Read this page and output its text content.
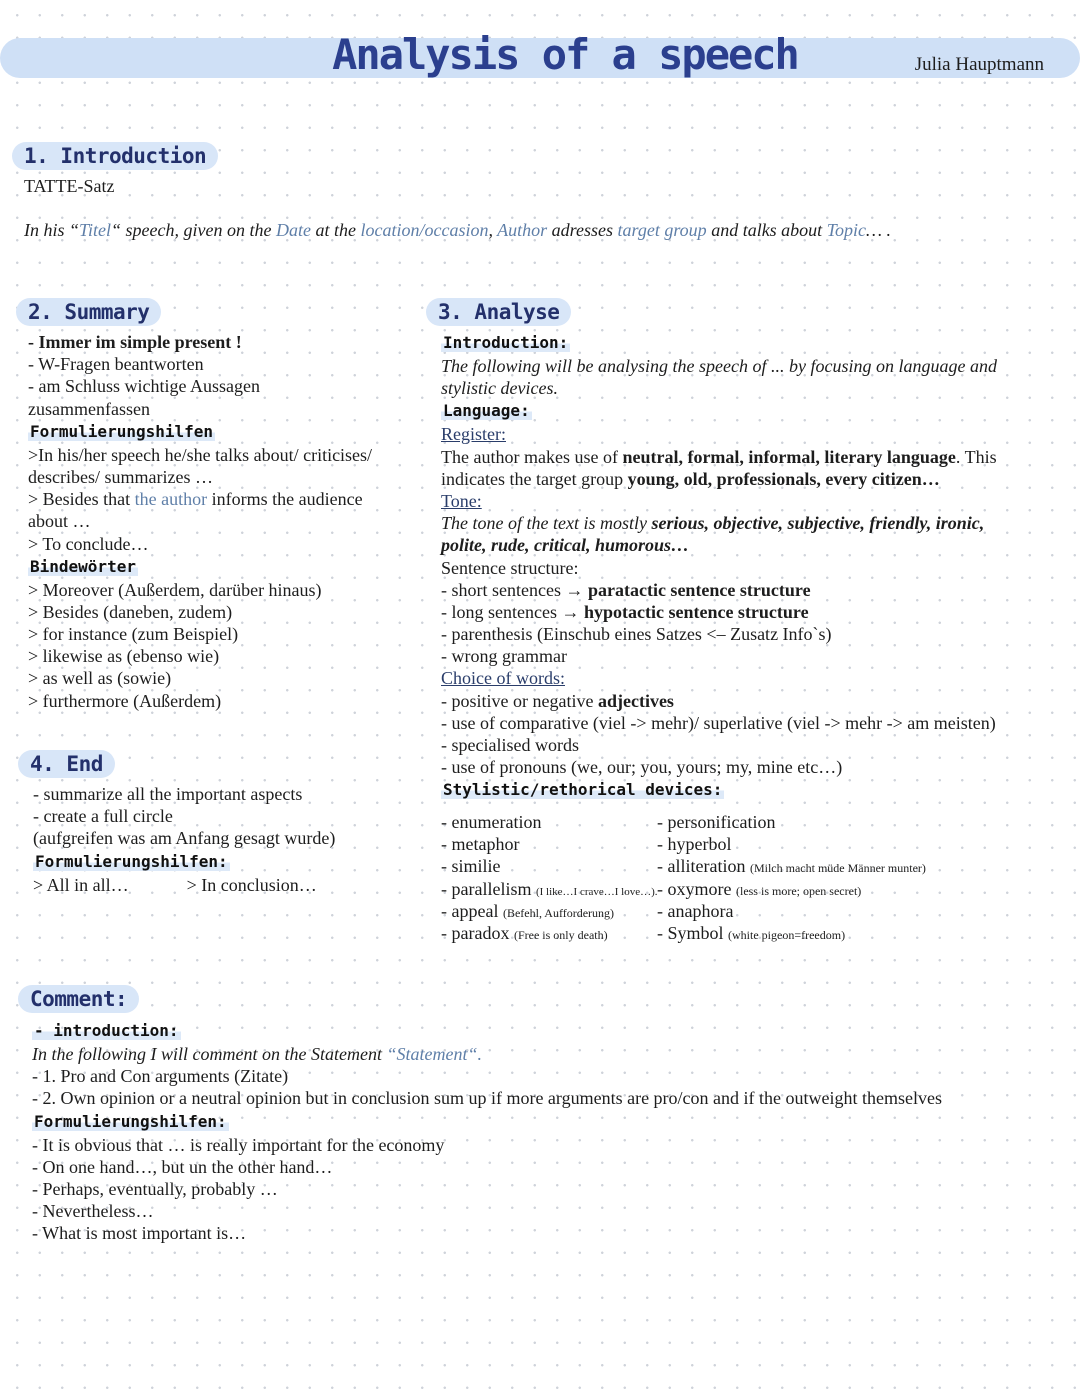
Analysis of a speech	Julia Hauptmann
1. Introduction
TATTE-Satz
In his “Titel“ speech, given on the Date at the location/occasion, Author adresses target group and talks about Topic… .
2. Summary
- Immer im simple present !
- W-Fragen beantworten
- am Schluss wichtige Aussagen
zusammenfassen
Formulierungshilfen
>In his/her speech he/she talks about/ criticises/
describes/ summarizes …
> Besides that the author informs the audience
about …
> To conclude…
Bindewörter
> Moreover (Außerdem, darüber hinaus)
> Besides (daneben, zudem)
> for instance (zum Beispiel)
> likewise as (ebenso wie)
> as well as (sowie)
> furthermore (Außerdem)
4. End
- summarize all the important aspects
- create a full circle
(aufgreifen was am Anfang gesagt wurde)
Formulierungshilfen:
> All in all…	> In conclusion…
3. Analyse
Introduction:
The following will be analysing the speech of ... by focusing on language and
stylistic devices.
Language:
Register:
The author makes use of neutral, formal, informal, literary language. This
indicates the target group young, old, professionals, every citizen…
Tone:
The tone of the text is mostly serious, objective, subjective, friendly, ironic,
polite, rude, critical, humorous…
Sentence structure:
- short sentences → paratactic sentence structure
- long sentences → hypotactic sentence structure
- parenthesis (Einschub eines Satzes <– Zusatz Info`s)
- wrong grammar
Choice of words:
- positive or negative adjectives
- use of comparative (viel -> mehr)/ superlative (viel -> mehr -> am meisten)
- specialised words
- use of pronouns (we, our; you, yours; my, mine etc…)
Stylistic/rethorical devices:
- enumeration
- metaphor
- similie
- parallelism (I like…I crave…I love…).
- appeal (Befehl, Aufforderung)
- paradox (Free is only death)
- personification
- hyperbol
- alliteration (Milch macht müde Männer munter)
- oxymore (less is more; open secret)
- anaphora
- Symbol (white pigeon=freedom)
Comment:
- introduction:
In the following I will comment on the Statement “Statement“.
- 1. Pro and Con arguments (Zitate)
- 2. Own opinion or a neutral opinion but in conclusion sum up if more arguments are pro/con and if the outweight themselves
Formulierungshilfen:
- It is obvious that … is really important for the economy
- On one hand…, but un the other hand…
- Perhaps, eventually, probably …
- Nevertheless…
- What is most important is…
